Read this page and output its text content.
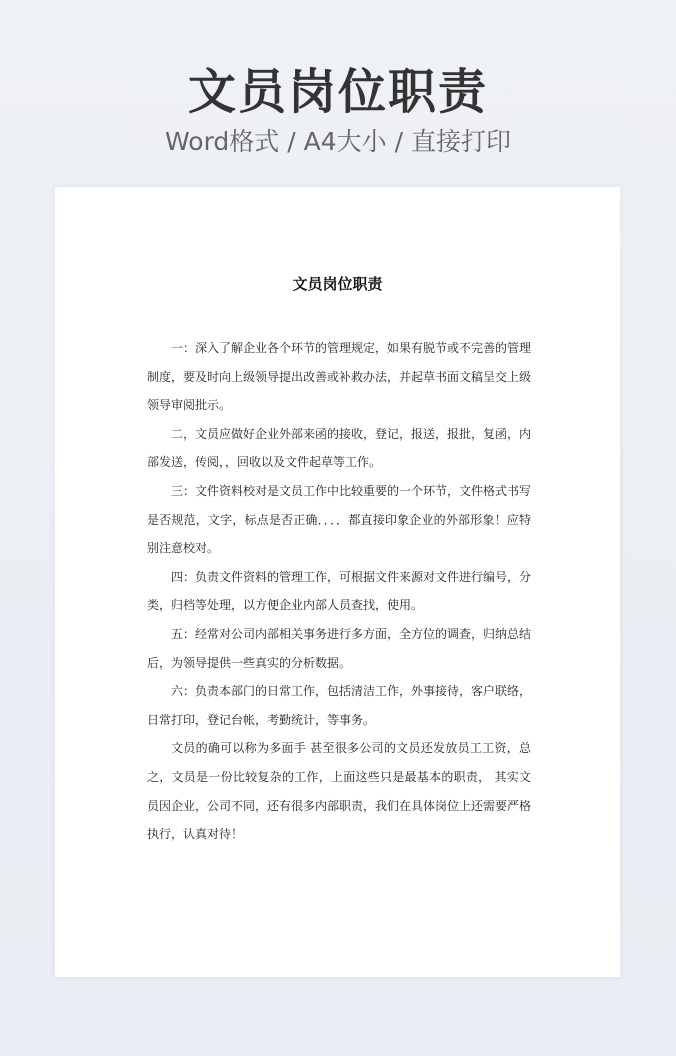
文员岗位职责
Word格式 / A4大小 / 直接打印
文员岗位职责

一：深入了解企业各个环节的管理规定，如果有脱节或不完善的管理制度，要及时向上级领导提出改善或补救办法，并起草书面文稿呈交上级领导审阅批示。

二，文员应做好企业外部来函的接收，登记，报送，报批，复函，内部发送，传阅，，回收以及文件起草等工作。

三：文件资料校对是文员工作中比较重要的一个环节，文件格式书写是否规范，文字，标点是否正确．．．．都直接印象企业的外部形象！应特别注意校对。

四：负责文件资料的管理工作，可根据文件来源对文件进行编号，分类，归档等处理，以方便企业内部人员查找，使用。

五：经常对公司内部相关事务进行多方面，全方位的调查，归纳总结后，为领导提供一些真实的分析数据。

六：负责本部门的日常工作，包括清洁工作，外事接待，客户联络，日常打印，登记台帐，考勤统计，等事务。

文员的确可以称为多面手 甚至很多公司的文员还发放员工工资，总之，文员是一份比较复杂的工作，上面这些只是最基本的职责， 其实文员因企业，公司不同，还有很多内部职责，我们在具体岗位上还需要严格执行，认真对待！
